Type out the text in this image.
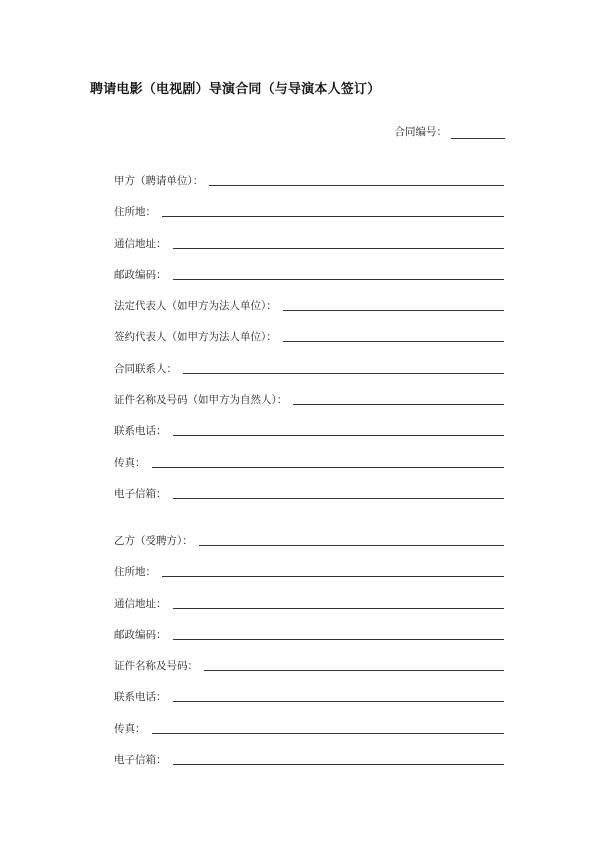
聘请电影（电视剧）导演合同（与导演本人签订）
合同编号：
甲方（聘请单位）：
住所地：
通信地址：
邮政编码：
法定代表人（如甲方为法人单位）：
签约代表人（如甲方为法人单位）：
合同联系人：
证件名称及号码（如甲方为自然人）：
联系电话：
传真：
电子信箱：
乙方（受聘方）：
住所地：
通信地址：
邮政编码：
证件名称及号码：
联系电话：
传真：
电子信箱：
